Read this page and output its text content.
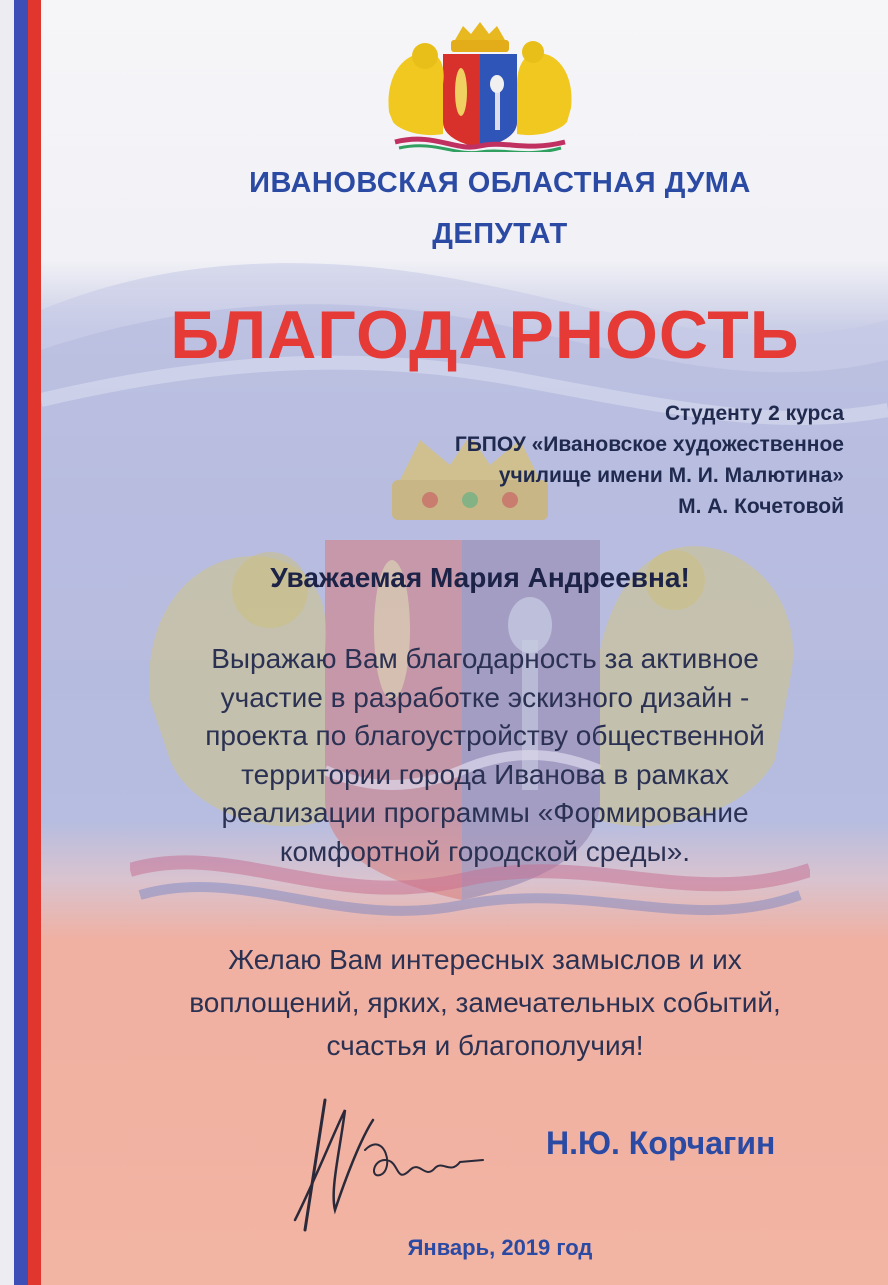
ИВАНОВСКАЯ ОБЛАСТНАЯ ДУМА
ДЕПУТАТ
БЛАГОДАРНОСТЬ
Студенту 2 курса
ГБПОУ «Ивановское художественное
училище имени М. И. Малютина»
М. А. Кочетовой
Уважаемая Мария Андреевна!
Выражаю Вам благодарность за активное
участие в разработке эскизного дизайн -
проекта по благоустройству общественной
территории города Иванова в рамках
реализации программы «Формирование
комфортной городской среды».
Желаю Вам интересных замыслов и их
воплощений, ярких, замечательных событий,
счастья и благополучия!
Н.Ю. Корчагин
Январь, 2019 год
